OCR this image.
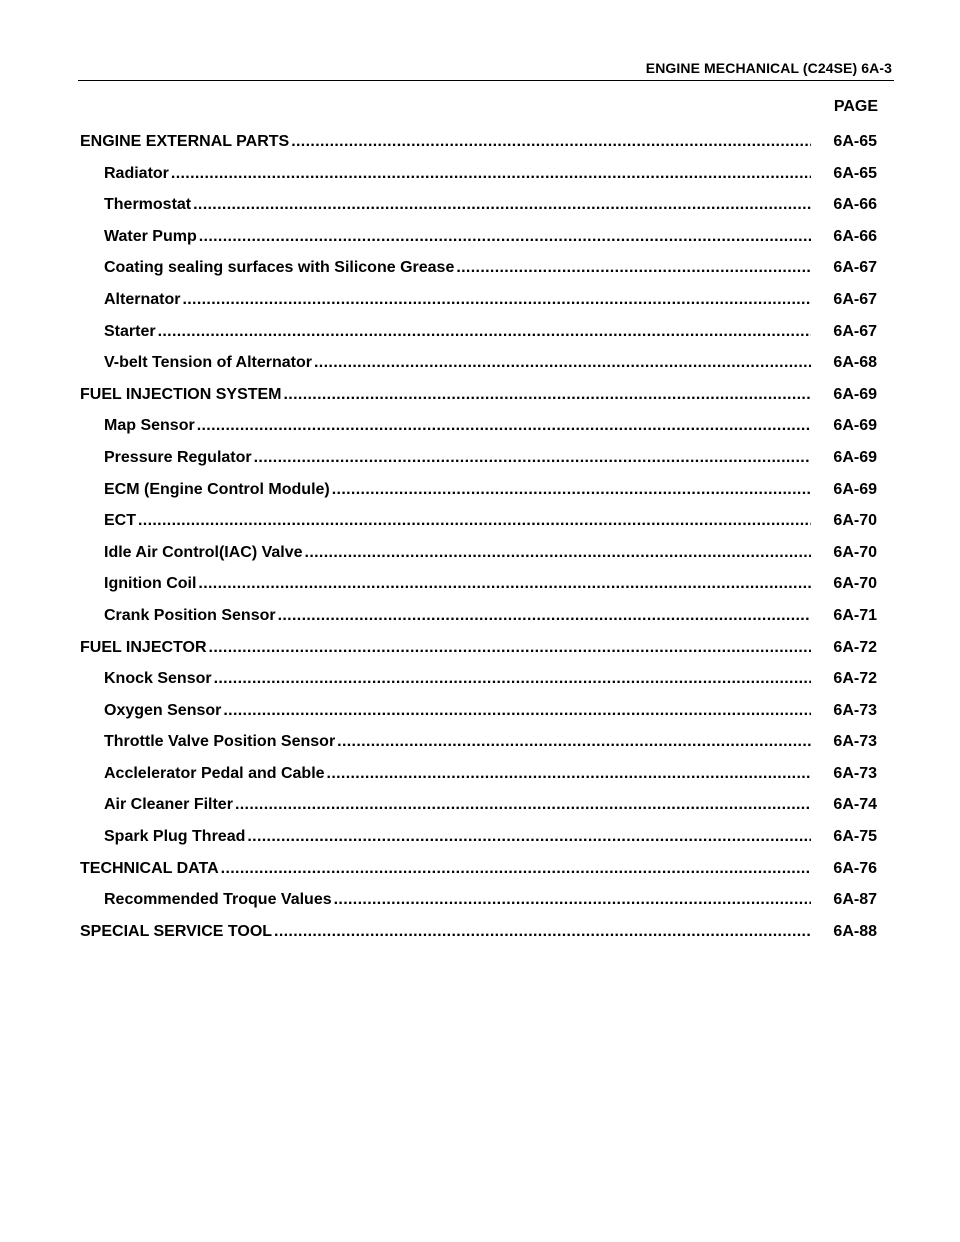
ENGINE MECHANICAL (C24SE) 6A-3
PAGE
ENGINE EXTERNAL PARTS .....	6A-65
Radiator .....	6A-65
Thermostat .....	6A-66
Water Pump .....	6A-66
Coating sealing surfaces with Silicone Grease .....	6A-67
Alternator .....	6A-67
Starter .....	6A-67
V-belt Tension of Alternator .....	6A-68
FUEL INJECTION SYSTEM .....	6A-69
Map Sensor .....	6A-69
Pressure Regulator .....	6A-69
ECM (Engine Control Module) .....	6A-69
ECT .....	6A-70
Idle Air Control(IAC) Valve .....	6A-70
Ignition Coil .....	6A-70
Crank Position Sensor .....	6A-71
FUEL INJECTOR .....	6A-72
Knock Sensor .....	6A-72
Oxygen Sensor .....	6A-73
Throttle Valve Position Sensor .....	6A-73
Acclelerator Pedal and Cable .....	6A-73
Air Cleaner Filter .....	6A-74
Spark Plug Thread .....	6A-75
TECHNICAL DATA .....	6A-76
Recommended Troque Values .....	6A-87
SPECIAL SERVICE TOOL .....	6A-88
